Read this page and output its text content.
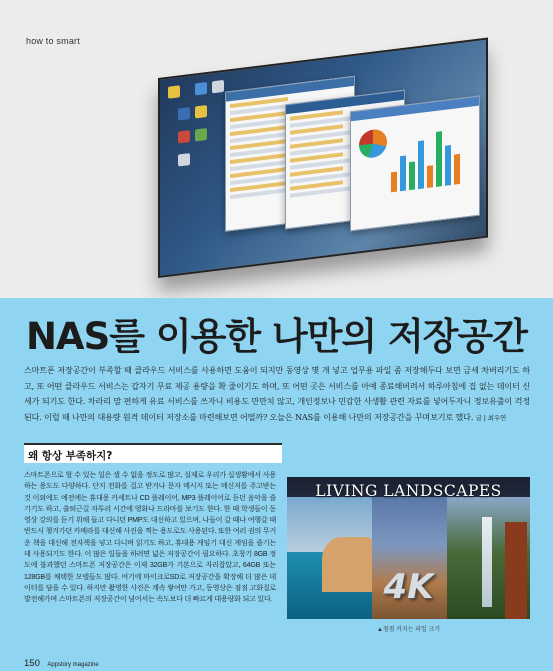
how to smart

NAS를 이용한 나만의 저장공간

스마트폰 저장공간이 부족할 때 클라우드 서비스를 사용하면 도움이 되지만 동영상 몇 개 넣고 업무용 파일 좀 저장해두다 보면 금세 차버리기도 하고, 또 어떤 클라우드 서비스는 갑자기 무료 제공 용량을 확 줄이기도 하며, 또 어떤 곳은 서비스를 아예 종료해버려서 하루아침에 집 없는 데이터 신세가 되기도 한다. 차라리 맘 편하게 유료 서비스를 쓰자니 비용도 만만치 않고, 개인정보나 민감한 사생활 관련 자료를 넣어두자니 정보유출이 걱정된다. 이럴 때 나만의 대용량 원격 데이터 저장소를 마련해보면 어떨까? 오늘은 NAS를 이용해 나만의 저장공간을 꾸며보기로 했다. 글 | 최우연

왜 항상 부족하지?

스마트폰으로 할 수 있는 일은 셀 수 없을 정도로 많고, 실제로 우리가 실생활에서 사용하는 용도도 다양하다. 단지 전화를 걸고 받거나 문자 메시지 또는 메신저를 주고받는 것 이외에도 예전에는 휴대용 카세트나 CD 플레이어, MP3 플레이어로 듣던 음악을 즐기기도 하고, 출퇴근길 자투리 시간에 영화나 드라마를 보기도 한다. 한 때 학생들이 동영상 강의를 듣기 위해 들고 다니던 PMP도 대신하고 있으며, 나들이 갈 때나 여행갈 때 반드시 챙겨가던 카메라를 대신해 사진을 찍는 용도로도 사용된다. 또한 여러 권의 무거운 책을 대신해 전자책을 넣고 다니며 읽기도 하고, 휴대용 게임기 대신 게임을 즐기는데 사용되기도 한다. 이 많은 일들을 하려면 넓은 저장공간이 필요하다. 초창기 8GB 정도에 불과했던 스마트폰 저장공간은 이제 32GB가 기본으로 자리잡았고, 64GB 또는 128GB를 채택한 모델들도 많다. 여기에 마이크로SD로 저장공간을 확장해 더 많은 데이터를 담을 수 있다. 하지만 촬영한 사진은 계속 쌓여만 가고, 동영상은 점점 고화질로 발전해가며 스마트폰의 저장공간이 넘어서는 속도보다 더 빠르게 대용량화 되고 있다.

LIVING LANDSCAPES
4K
▲점점 커지는 파일 크기
150 Appstory magazine
